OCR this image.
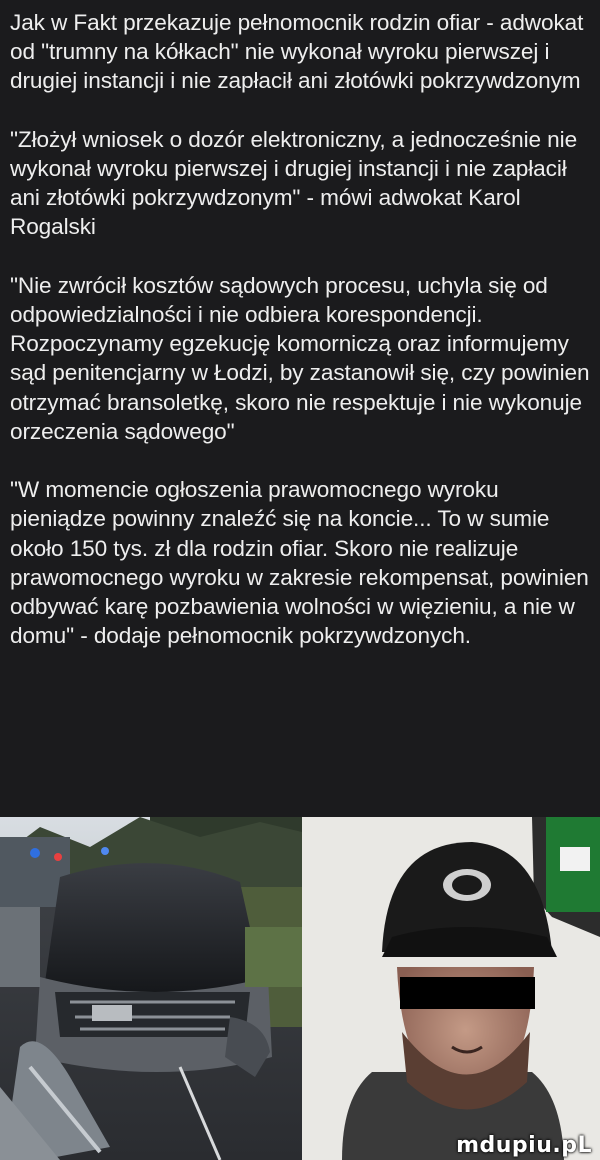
Jak w Fakt przekazuje pełnomocnik rodzin ofiar - adwokat od "trumny na kółkach" nie wykonał wyroku pierwszej i drugiej instancji i nie zapłacił ani złotówki pokrzywdzonym

"Złożył wniosek o dozór elektroniczny, a jednocześnie nie wykonał wyroku pierwszej i drugiej instancji i nie zapłacił ani złotówki pokrzywdzonym" - mówi adwokat Karol Rogalski

"Nie zwrócił kosztów sądowych procesu, uchyla się od odpowiedzialności i nie odbiera korespondencji. Rozpoczynamy egzekucję komorniczą oraz informujemy sąd penitencjarny w Łodzi, by zastanowił się, czy powinien otrzymać bransoletkę, skoro nie respektuje i nie wykonuje orzeczenia sądowego"

"W momencie ogłoszenia prawomocnego wyroku pieniądze powinny znaleźć się na koncie... To w sumie około 150 tys. zł dla rodzin ofiar. Skoro nie realizuje prawomocnego wyroku w zakresie rekompensat, powinien odbywać karę pozbawienia wolności w więzieniu, a nie w domu" - dodaje pełnomocnik pokrzywdzonych.

mdupiu.pL
